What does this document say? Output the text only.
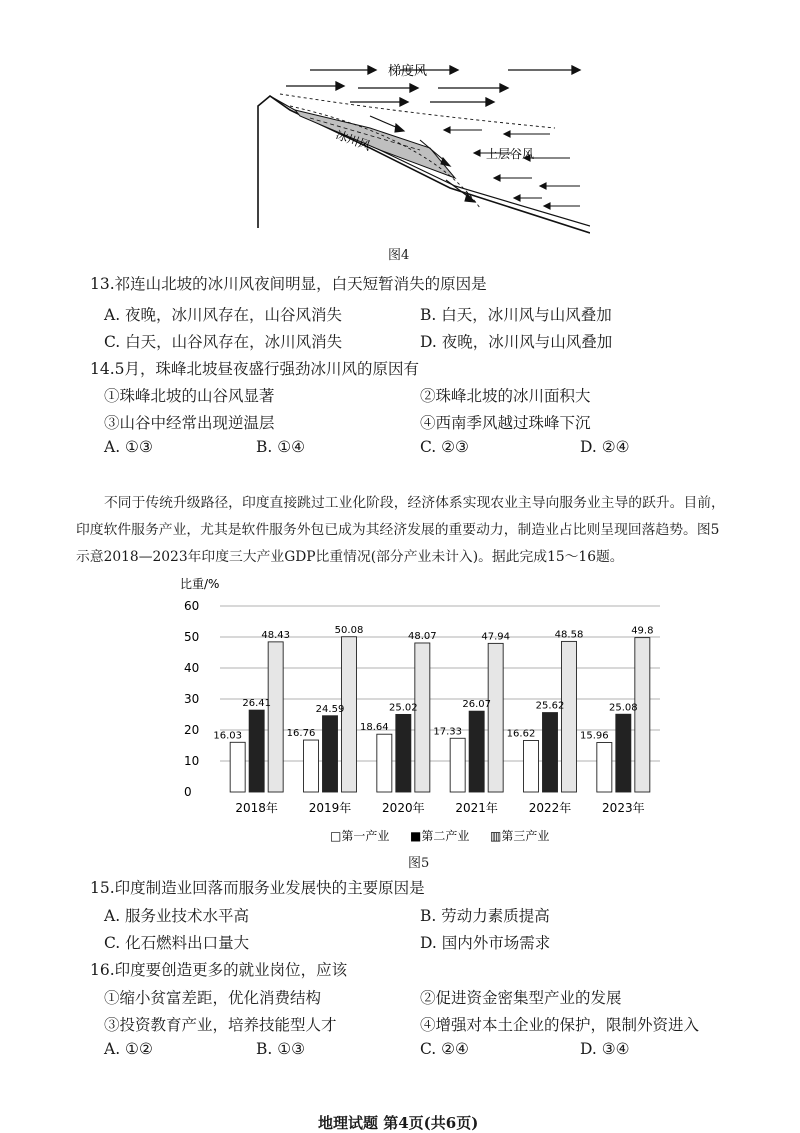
梯度风
冰川风
上层谷风
图4
13.祁连山北坡的冰川风夜间明显，白天短暂消失的原因是
A. 夜晚，冰川风存在，山谷风消失	B. 白天，冰川风与山风叠加
C. 白天，山谷风存在，冰川风消失	D. 夜晚，冰川风与山风叠加
14.5月，珠峰北坡昼夜盛行强劲冰川风的原因有
①珠峰北坡的山谷风显著	②珠峰北坡的冰川面积大
③山谷中经常出现逆温层	④西南季风越过珠峰下沉
A. ①③	B. ①④	C. ②③	D. ②④
不同于传统升级路径，印度直接跳过工业化阶段，经济体系实现农业主导向服务业主导的跃升。目前，
印度软件服务产业，尤其是软件服务外包已成为其经济发展的重要动力，制造业占比则呈现回落趋势。图5
示意2018—2023年印度三大产业GDP比重情况(部分产业未计入)。据此完成15～16题。
比重/%
0
10
20
30
40
50
60
16.03
26.41
48.43
16.76
24.59
50.08
18.64
25.02
48.07
17.33
26.07
47.94
16.62
25.62
48.58
15.96
25.08
49.8
2018年	2019年	2020年	2021年	2022年	2023年
□第一产业 ■第二产业 ▥第三产业
图5
15.印度制造业回落而服务业发展快的主要原因是
A. 服务业技术水平高	B. 劳动力素质提高
C. 化石燃料出口量大	D. 国内外市场需求
16.印度要创造更多的就业岗位，应该
①缩小贫富差距，优化消费结构	②促进资金密集型产业的发展
③投资教育产业，培养技能型人才	④增强对本土企业的保护，限制外资进入
A. ①②	B. ①③	C. ②④	D. ③④
地理试题 第4页(共6页)
